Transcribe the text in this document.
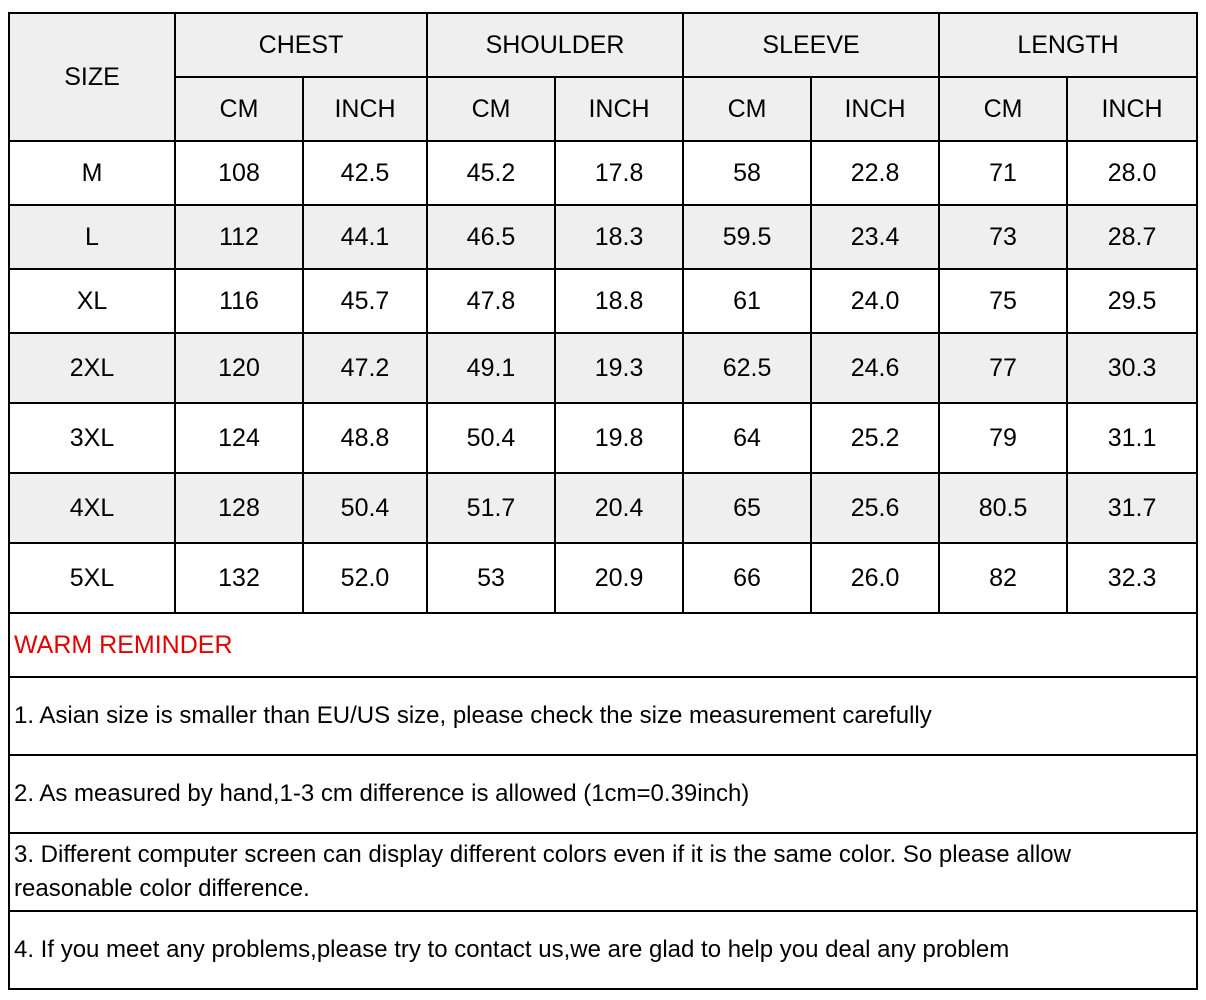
SIZE	CHEST		SHOULDER		SLEEVE		LENGTH	
	CM	INCH	CM	INCH	CM	INCH	CM	INCH
M	108	42.5	45.2	17.8	58	22.8	71	28.0
L	112	44.1	46.5	18.3	59.5	23.4	73	28.7
XL	116	45.7	47.8	18.8	61	24.0	75	29.5
2XL	120	47.2	49.1	19.3	62.5	24.6	77	30.3
3XL	124	48.8	50.4	19.8	64	25.2	79	31.1
4XL	128	50.4	51.7	20.4	65	25.6	80.5	31.7
5XL	132	52.0	53	20.9	66	26.0	82	32.3
WARM REMINDER								
1. Asian size is smaller than EU/US size, please check the size measurement carefully								
2. As measured by hand,1-3 cm difference is allowed (1cm=0.39inch)								
3. Different computer screen can display different colors even if it is the same color. So please allow reasonable color difference.								
4. If you meet any problems,please try to contact us,we are glad to help you deal any problem								
